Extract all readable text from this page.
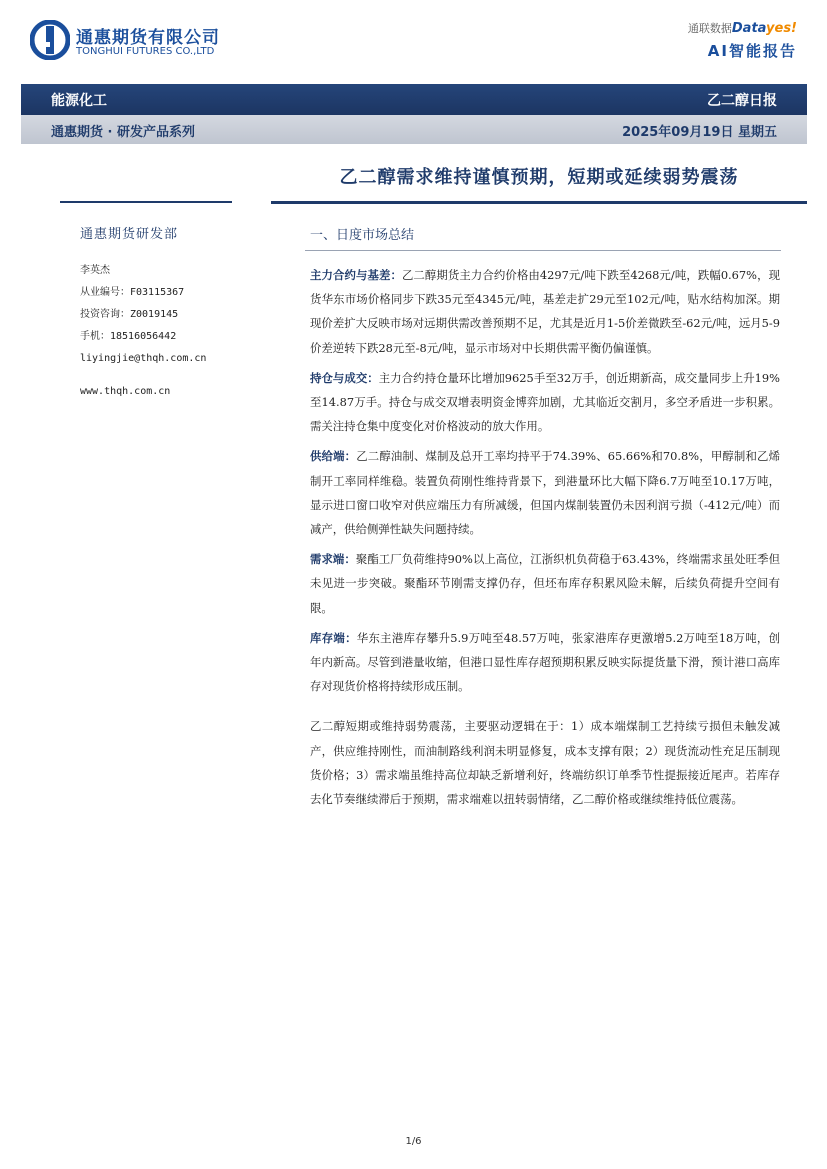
通惠期货有限公司
TONGHUI FUTURES CO.,LTD
通联数据Datayes!
AI智能报告
能源化工	乙二醇日报
通惠期货 · 研发产品系列	2025年09月19日 星期五
乙二醇需求维持谨慎预期，短期或延续弱势震荡
通惠期货研发部
李英杰
从业编号：F03115367
投资咨询：Z0019145
手机：18516056442
liyingjie@thqh.com.cn
www.thqh.com.cn
一、日度市场总结

主力合约与基差：乙二醇期货主力合约价格由4297元/吨下跌至4268元/吨，跌幅0.67%，现货华东市场价格同步下跌35元至4345元/吨，基差走扩29元至102元/吨，贴水结构加深。期现价差扩大反映市场对远期供需改善预期不足，尤其是近月1-5价差微跌至-62元/吨，远月5-9价差逆转下跌28元至-8元/吨，显示市场对中长期供需平衡仍偏谨慎。

持仓与成交：主力合约持仓量环比增加9625手至32万手，创近期新高，成交量同步上升19%至14.87万手。持仓与成交双增表明资金博弈加剧，尤其临近交割月，多空矛盾进一步积累。需关注持仓集中度变化对价格波动的放大作用。

供给端：乙二醇油制、煤制及总开工率均持平于74.39%、65.66%和70.8%，甲醇制和乙烯制开工率同样维稳。装置负荷刚性维持背景下，到港量环比大幅下降6.7万吨至10.17万吨，显示进口窗口收窄对供应端压力有所减缓，但国内煤制装置仍未因利润亏损（-412元/吨）而减产，供给侧弹性缺失问题持续。

需求端：聚酯工厂负荷维持90%以上高位，江浙织机负荷稳于63.43%，终端需求虽处旺季但未见进一步突破。聚酯环节刚需支撑仍存，但坯布库存积累风险未解，后续负荷提升空间有限。

库存端：华东主港库存攀升5.9万吨至48.57万吨，张家港库存更激增5.2万吨至18万吨，创年内新高。尽管到港量收缩，但港口显性库存超预期积累反映实际提货量下滑，预计港口高库存对现货价格将持续形成压制。

乙二醇短期或维持弱势震荡，主要驱动逻辑在于：1）成本端煤制工艺持续亏损但未触发减产，供应维持刚性，而油制路线利润未明显修复，成本支撑有限；2）现货流动性充足压制现货价格；3）需求端虽维持高位却缺乏新增利好，终端纺织订单季节性提振接近尾声。若库存去化节奏继续滞后于预期，需求端难以扭转弱情绪，乙二醇价格或继续维持低位震荡。

1/6
